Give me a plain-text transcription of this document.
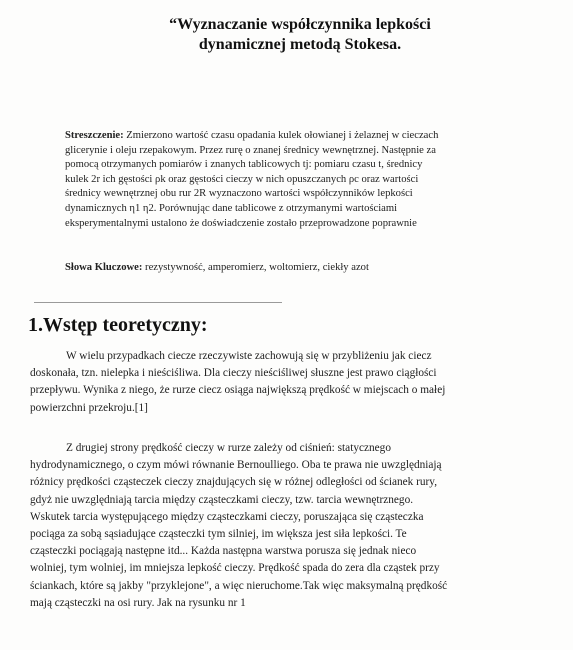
“Wyznaczanie współczynnika lepkości
dynamicznej metodą Stokesa.
Streszczenie: Zmierzono wartość czasu opadania kulek ołowianej i żelaznej w cieczach
glicerynie i oleju rzepakowym. Przez rurę o znanej średnicy wewnętrznej. Następnie za
pomocą otrzymanych pomiarów i znanych tablicowych tj: pomiaru czasu t, średnicy
kulek 2r ich gęstości ρk oraz gęstości cieczy w nich opuszczanych ρc oraz wartości
średnicy wewnętrznej obu rur 2R wyznaczono wartości współczynników lepkości
dynamicznych η1 η2. Porównując dane tablicowe z otrzymanymi wartościami
eksperymentalnymi ustalono że doświadczenie zostało przeprowadzone poprawnie
Słowa Kluczowe: rezystywność, amperomierz, woltomierz, ciekły azot
1.Wstęp teoretyczny:
W wielu przypadkach ciecze rzeczywiste zachowują się w przybliżeniu jak ciecz
doskonała, tzn. nielepka i nieściśliwa. Dla cieczy nieściśliwej słuszne jest prawo ciągłości
przepływu. Wynika z niego, że rurze ciecz osiąga największą prędkość w miejscach o małej
powierzchni przekroju.[1]
Z drugiej strony prędkość cieczy w rurze zależy od ciśnień: statycznego
hydrodynamicznego, o czym mówi równanie Bernoulliego. Oba te prawa nie uwzględniają
różnicy prędkości cząsteczek cieczy znajdujących się w różnej odległości od ścianek rury,
gdyż nie uwzględniają tarcia między cząsteczkami cieczy, tzw. tarcia wewnętrznego.
Wskutek tarcia występującego między cząsteczkami cieczy, poruszająca się cząsteczka
pociąga za sobą sąsiadujące cząsteczki tym silniej, im większa jest siła lepkości. Te
cząsteczki pociągają następne itd... Każda następna warstwa porusza się jednak nieco
wolniej, tym wolniej, im mniejsza lepkość cieczy. Prędkość spada do zera dla cząstek przy
ściankach, które są jakby "przyklejone", a więc nieruchome.Tak więc maksymalną prędkość
mają cząsteczki na osi rury. Jak na rysunku nr 1
